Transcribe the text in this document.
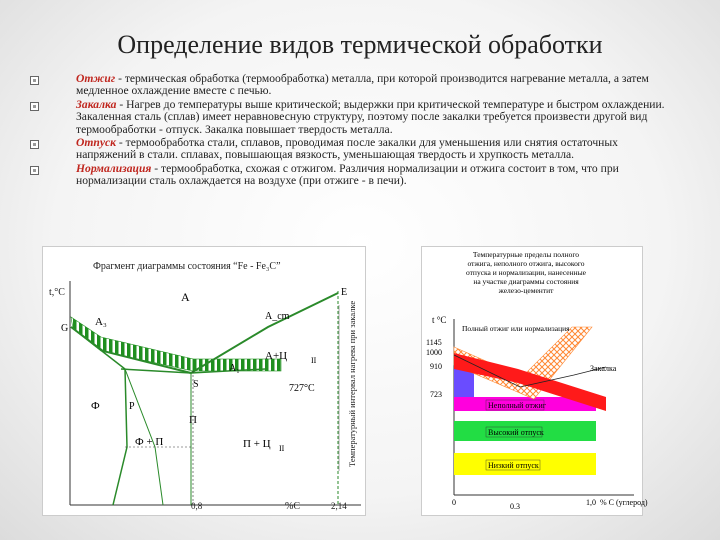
Определение видов термической обработки
Отжиг - термическая обработка (термообработка) металла, при которой производится нагревание металла, а затем медленное охлаждение вместе с печью.
Закалка - Нагрев до температуры выше критической; выдержки при критической температуре и быстром охлаждении. Закаленная сталь (сплав) имеет неравновесную структуру, поэтому после закалки требуется произвести другой вид термообработки - отпуск. Закалка повышает твердость металла.
Отпуск - термообработка стали, сплавов, проводимая после закалки для уменьшения или снятия остаточных напряжений в стали. сплавах, повышающая вязкость, уменьшающая твердость и хрупкость металла.
Нормализация - термообработка, схожая с отжигом. Различия нормализации и отжига состоит в том, что при нормализации сталь охлаждается на воздухе (при отжиге - в печи).
Фрагмент диаграммы состояния “Fe - Fe₃C”
t,°C
%C
0,8	2,14
Температурный интервал нагрева при закалке
G
E
P
S
A₁
A
A₃	A_cm
A+Ц	II
Ф
Ф + П
П
П + Ц II
727°С
Температурные пределы полного
отжига, неполного отжига, высокого
отпуска и нормализации, нанесенные
на участке диаграммы состояния
железо-цементит
t °C
1145
1000
910
723
0	0.3	1,0 % С (углерод)
Неполный отжиг
Высокий отпуск
Низкий отпуск
Закалка
Полный отжиг или нормализация
